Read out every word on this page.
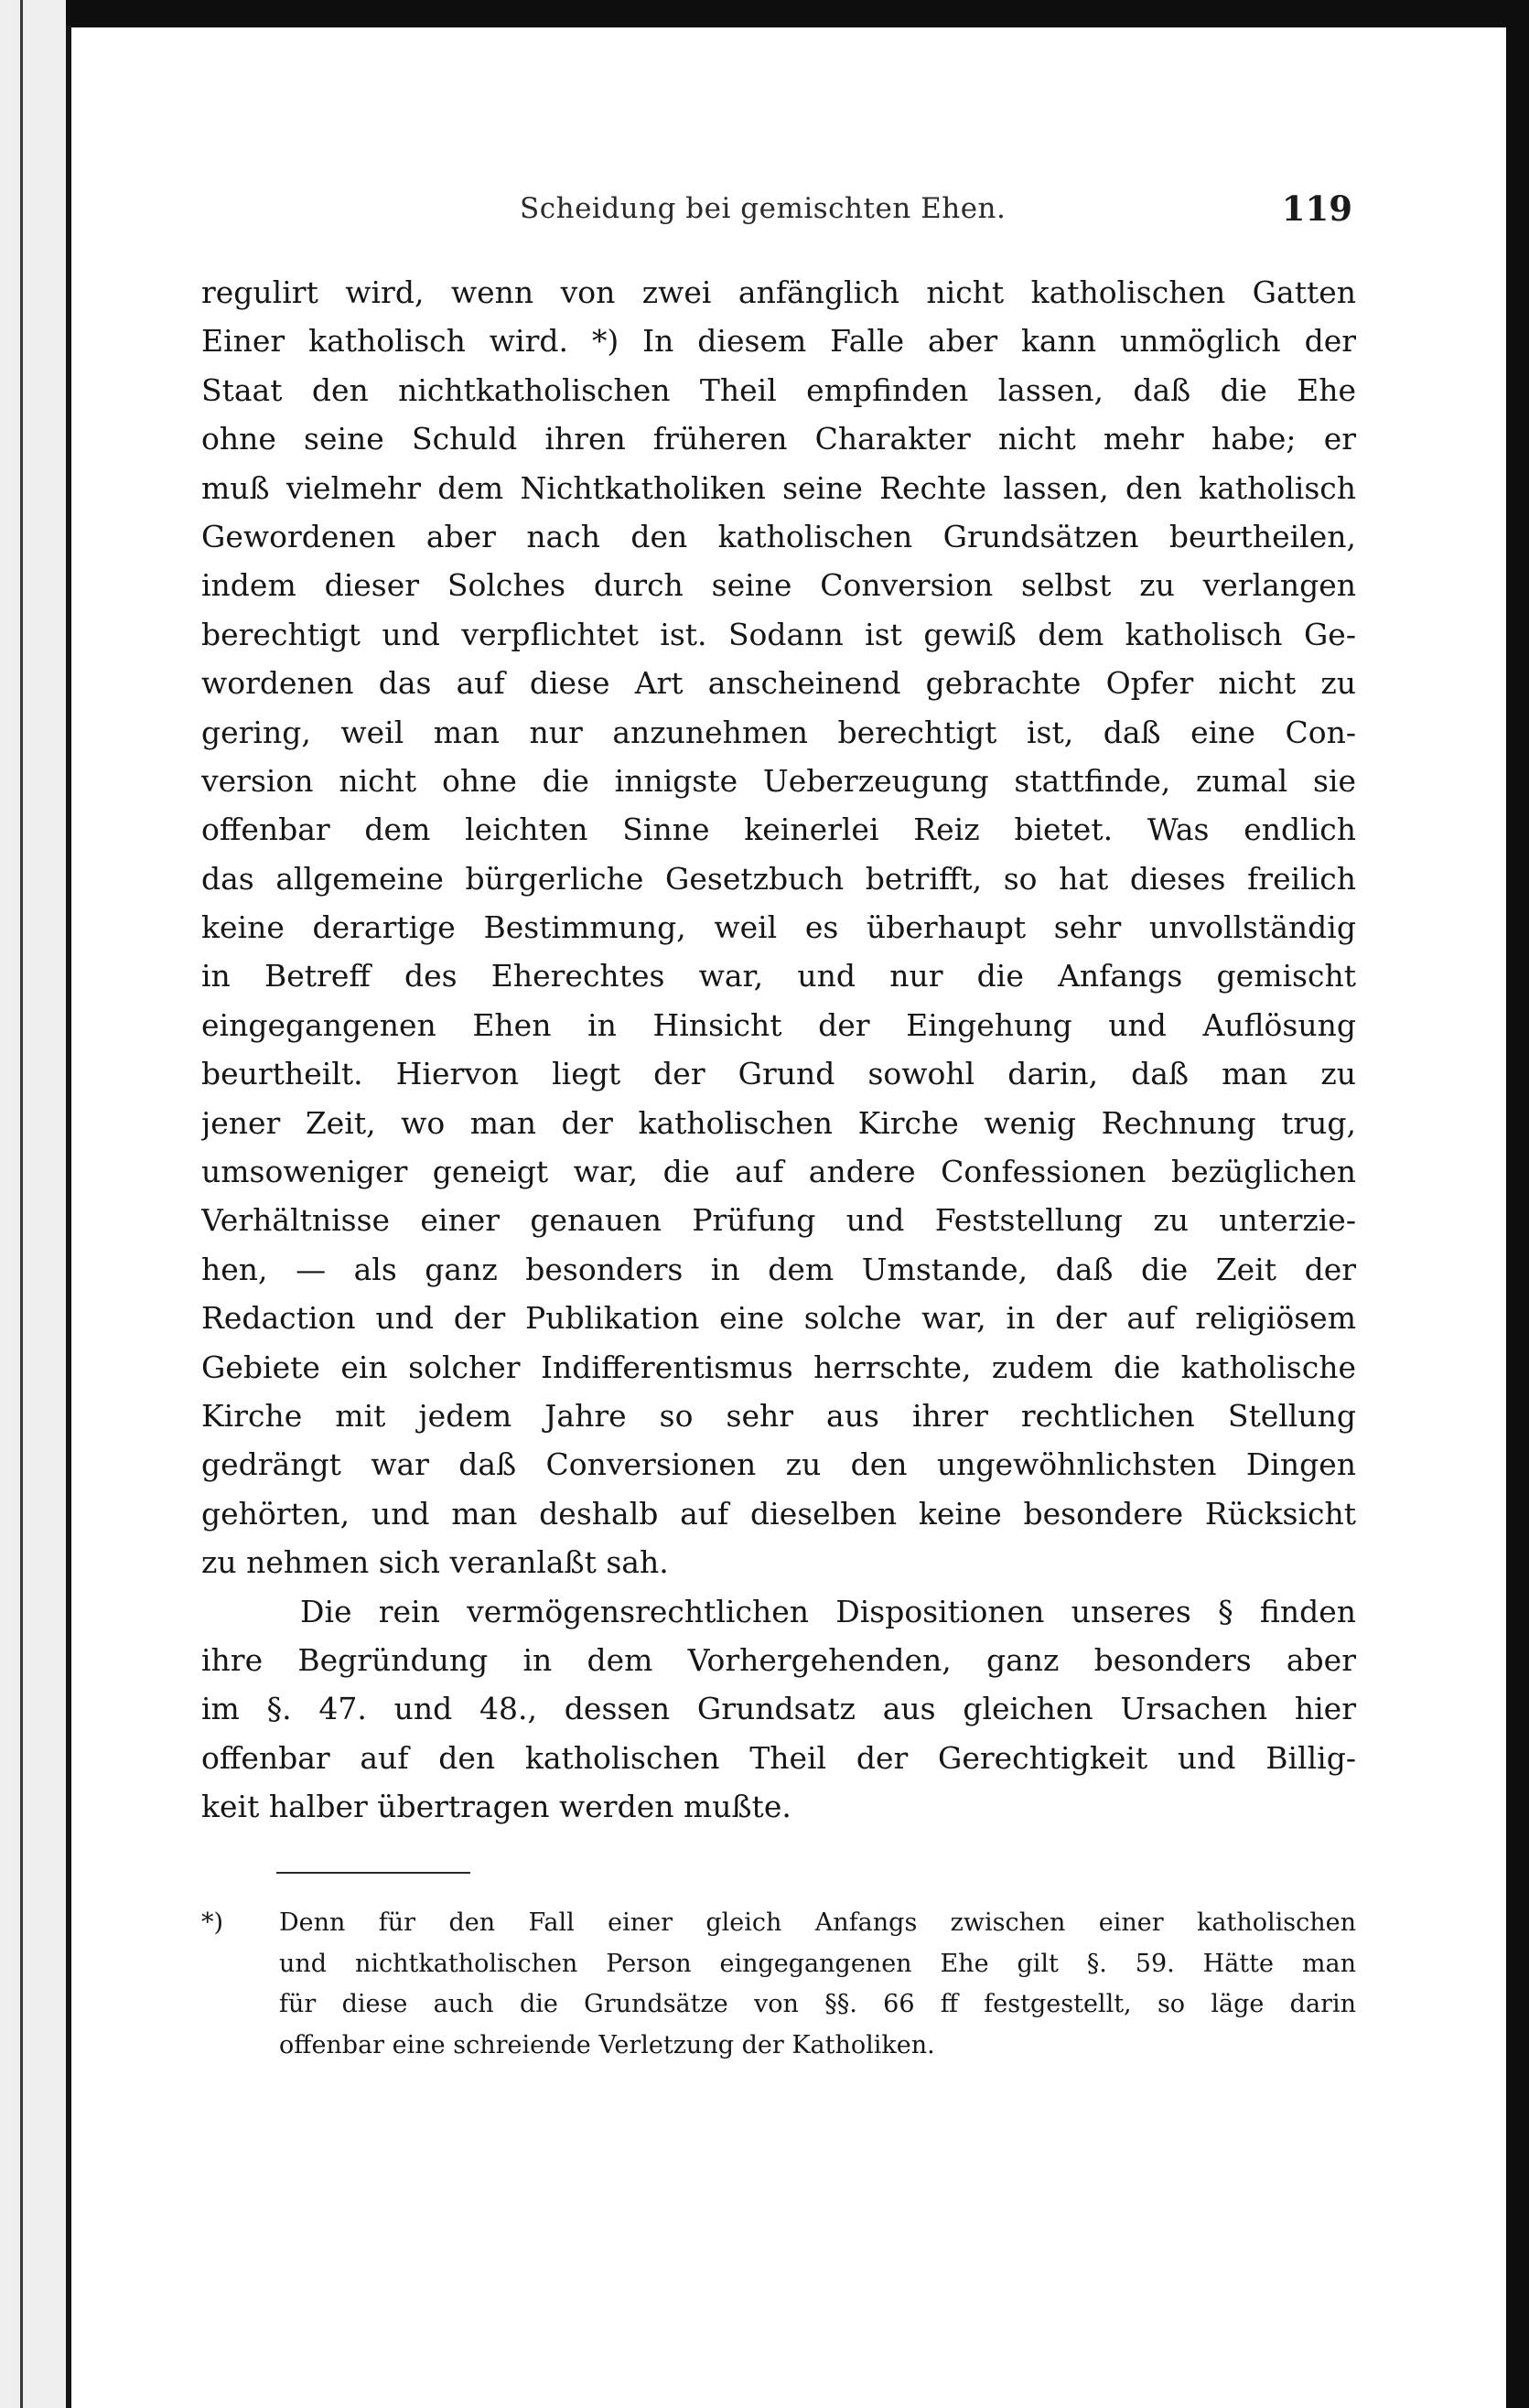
Scheidung bei gemischten Ehen.	119
regulirt wird, wenn von zwei anfänglich nicht katholischen Gatten
Einer katholisch wird. *) In diesem Falle aber kann unmöglich der
Staat den nichtkatholischen Theil empfinden lassen, daß die Ehe
ohne seine Schuld ihren früheren Charakter nicht mehr habe; er
muß vielmehr dem Nichtkatholiken seine Rechte lassen, den katholisch
Gewordenen aber nach den katholischen Grundsätzen beurtheilen,
indem dieser Solches durch seine Conversion selbst zu verlangen
berechtigt und verpflichtet ist. Sodann ist gewiß dem katholisch Ge-
wordenen das auf diese Art anscheinend gebrachte Opfer nicht zu
gering, weil man nur anzunehmen berechtigt ist, daß eine Con-
version nicht ohne die innigste Ueberzeugung stattfinde, zumal sie
offenbar dem leichten Sinne keinerlei Reiz bietet. Was endlich
das allgemeine bürgerliche Gesetzbuch betrifft, so hat dieses freilich
keine derartige Bestimmung, weil es überhaupt sehr unvollständig
in Betreff des Eherechtes war, und nur die Anfangs gemischt
eingegangenen Ehen in Hinsicht der Eingehung und Auflösung
beurtheilt. Hiervon liegt der Grund sowohl darin, daß man zu
jener Zeit, wo man der katholischen Kirche wenig Rechnung trug,
umsoweniger geneigt war, die auf andere Confessionen bezüglichen
Verhältnisse einer genauen Prüfung und Feststellung zu unterzie-
hen, — als ganz besonders in dem Umstande, daß die Zeit der
Redaction und der Publikation eine solche war, in der auf religiösem
Gebiete ein solcher Indifferentismus herrschte, zudem die katholische
Kirche mit jedem Jahre so sehr aus ihrer rechtlichen Stellung
gedrängt war daß Conversionen zu den ungewöhnlichsten Dingen
gehörten, und man deshalb auf dieselben keine besondere Rücksicht
zu nehmen sich veranlaßt sah.
Die rein vermögensrechtlichen Dispositionen unseres § finden
ihre Begründung in dem Vorhergehenden, ganz besonders aber
im §. 47. und 48., dessen Grundsatz aus gleichen Ursachen hier
offenbar auf den katholischen Theil der Gerechtigkeit und Billig-
keit halber übertragen werden mußte.
*)	Denn für den Fall einer gleich Anfangs zwischen einer katholischen
und nichtkatholischen Person eingegangenen Ehe gilt §. 59. Hätte man
für diese auch die Grundsätze von §§. 66 ff festgestellt, so läge darin
offenbar eine schreiende Verletzung der Katholiken.
